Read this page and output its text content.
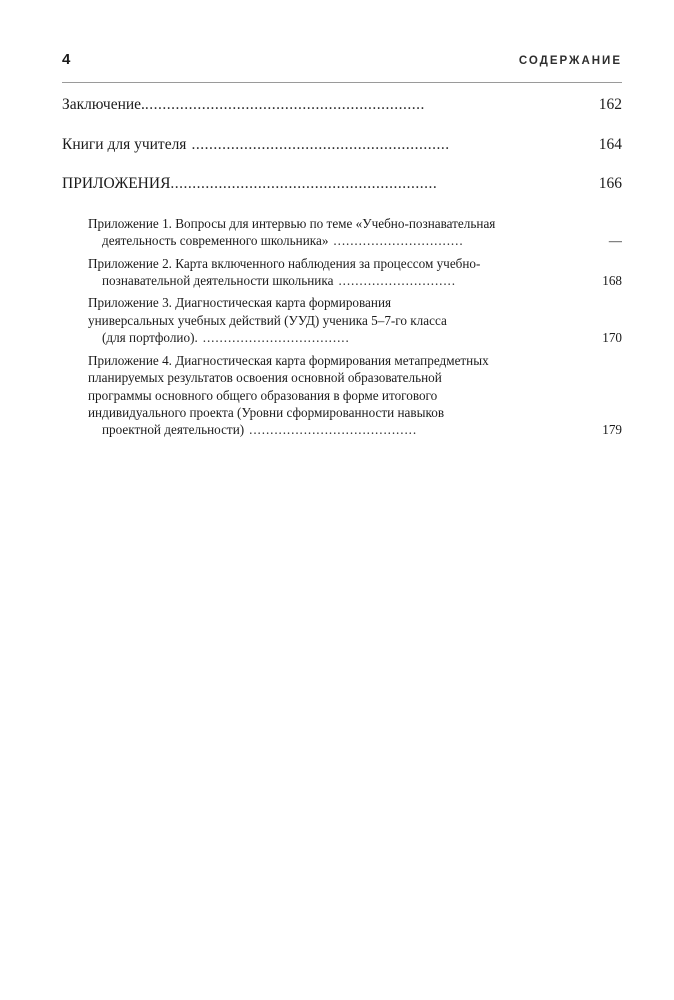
4	СОДЕРЖАНИЕ
Заключение. ................................................................	162
Книги для учителя ...........................................................	164
ПРИЛОЖЕНИЯ .............................................................	166
Приложение 1. Вопросы для интервью по теме «Учебно-познавательная
деятельность современного школьника» ...............................	—
Приложение 2. Карта включенного наблюдения за процессом учебно-
познавательной деятельности школьника ............................	168
Приложение 3. Диагностическая карта формирования
универсальных учебных действий (УУД) ученика 5–7-го класса
(для портфолио). ...................................	170
Приложение 4. Диагностическая карта формирования метапредметных
планируемых результатов освоения основной образовательной
программы основного общего образования в форме итогового
индивидуального проекта (Уровни сформированности навыков
проектной деятельности) ........................................	179
